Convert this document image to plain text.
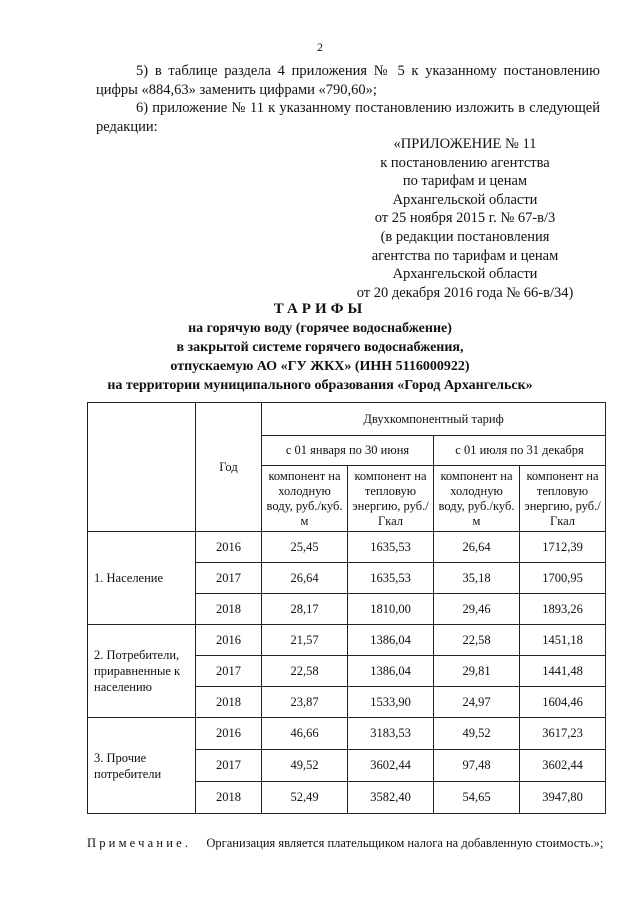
2
5) в таблице раздела 4 приложения № 5 к указанному постановлению цифры «884,63» заменить цифрами «790,60»;
6) приложение № 11 к указанному постановлению изложить в следующей редакции:
«ПРИЛОЖЕНИЕ № 11
к постановлению агентства
по тарифам и ценам
Архангельской области
от 25 ноября 2015 г. № 67-в/3
(в редакции постановления
агентства по тарифам и ценам
Архангельской области
от 20 декабря 2016 года № 66-в/34)
ТАРИФЫ
на горячую воду (горячее водоснабжение)
в закрытой системе горячего водоснабжения,
отпускаемую АО «ГУ ЖКХ» (ИНН 5116000922)
на территории муниципального образования «Город Архангельск»
	Год	Двухкомпонентный тариф			
		с 01 января по 30 июня		с 01 июля по 31 декабря	
		компонент на холодную воду, руб./куб. м	компонент на тепловую энергию, руб./Гкал	компонент на холодную воду, руб./куб. м	компонент на тепловую энергию, руб./Гкал
1. Население	2016	25,45	1635,53	26,64	1712,39
	2017	26,64	1635,53	35,18	1700,95
	2018	28,17	1810,00	29,46	1893,26
2. Потребители, приравненные к населению	2016	21,57	1386,04	22,58	1451,18
	2017	22,58	1386,04	29,81	1441,48
	2018	23,87	1533,90	24,97	1604,46
3. Прочие потребители	2016	46,66	3183,53	49,52	3617,23
	2017	49,52	3602,44	97,48	3602,44
	2018	52,49	3582,40	54,65	3947,80
Примечание. Организация является плательщиком налога на добавленную стоимость.»;
